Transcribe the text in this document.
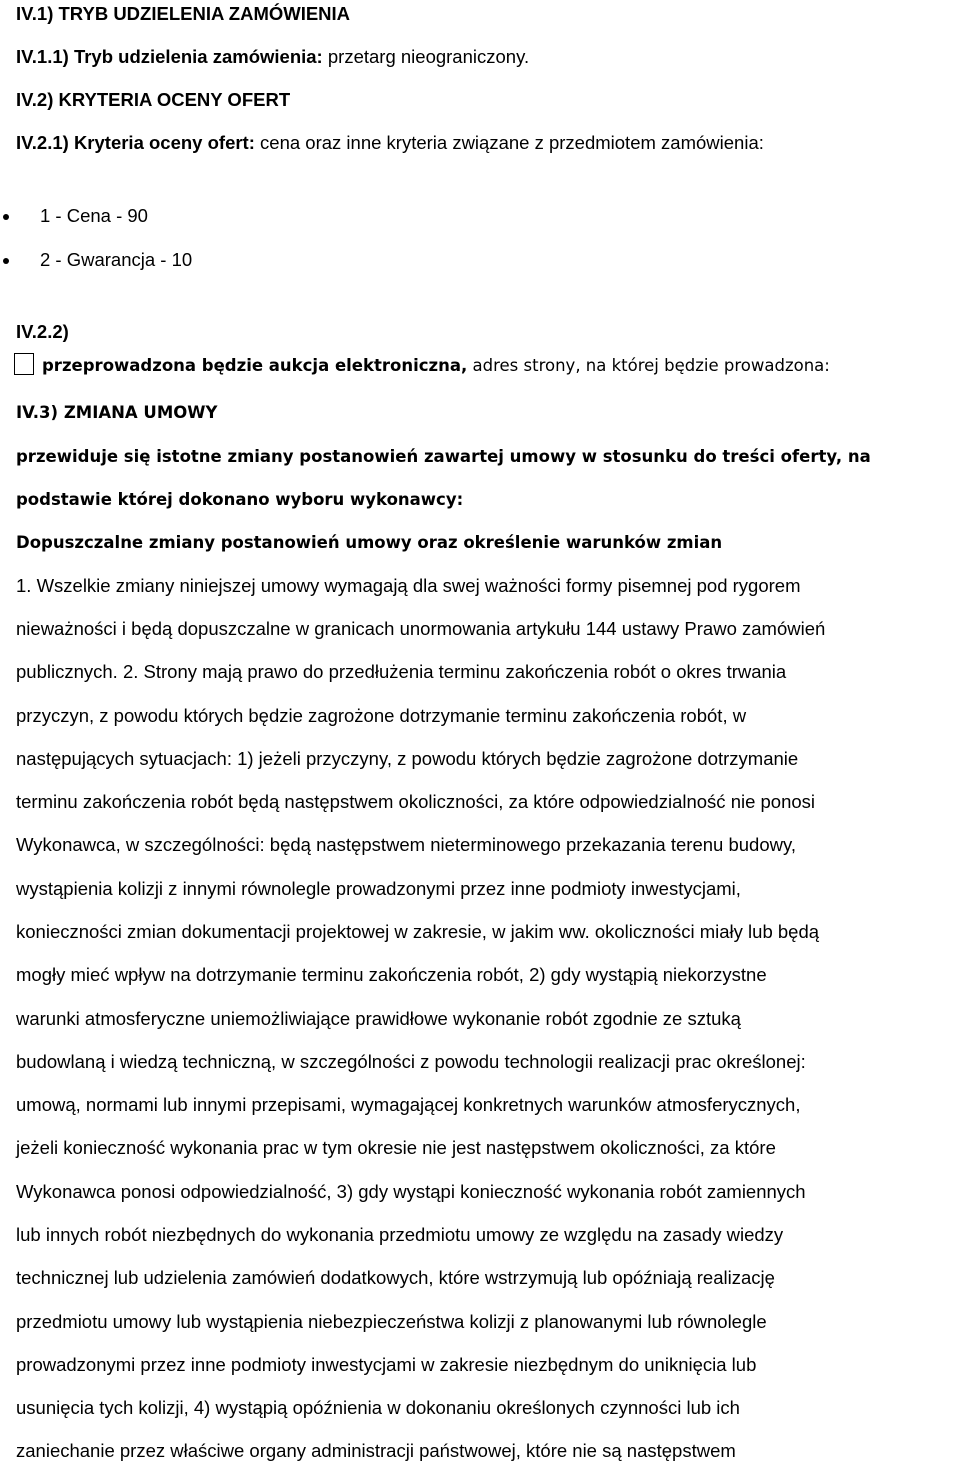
IV.1) TRYB UDZIELENIA ZAMÓWIENIA
IV.1.1) Tryb udzielenia zamówienia: przetarg nieograniczony.
IV.2) KRYTERIA OCENY OFERT
IV.2.1) Kryteria oceny ofert: cena oraz inne kryteria związane z przedmiotem zamówienia:
1 - Cena - 90
2 - Gwarancja - 10
IV.2.2)
przeprowadzona będzie aukcja elektroniczna, adres strony, na której będzie prowadzona:
IV.3) ZMIANA UMOWY
przewiduje się istotne zmiany postanowień zawartej umowy w stosunku do treści oferty, na
podstawie której dokonano wyboru wykonawcy:
Dopuszczalne zmiany postanowień umowy oraz określenie warunków zmian
1. Wszelkie zmiany niniejszej umowy wymagają dla swej ważności formy pisemnej pod rygorem
nieważności i będą dopuszczalne w granicach unormowania artykułu 144 ustawy Prawo zamówień
publicznych. 2. Strony mają prawo do przedłużenia terminu zakończenia robót o okres trwania
przyczyn, z powodu których będzie zagrożone dotrzymanie terminu zakończenia robót, w
następujących sytuacjach: 1) jeżeli przyczyny, z powodu których będzie zagrożone dotrzymanie
terminu zakończenia robót będą następstwem okoliczności, za które odpowiedzialność nie ponosi
Wykonawca, w szczególności: będą następstwem nieterminowego przekazania terenu budowy,
wystąpienia kolizji z innymi równolegle prowadzonymi przez inne podmioty inwestycjami,
konieczności zmian dokumentacji projektowej w zakresie, w jakim ww. okoliczności miały lub będą
mogły mieć wpływ na dotrzymanie terminu zakończenia robót, 2) gdy wystąpią niekorzystne
warunki atmosferyczne uniemożliwiające prawidłowe wykonanie robót zgodnie ze sztuką
budowlaną i wiedzą techniczną, w szczególności z powodu technologii realizacji prac określonej:
umową, normami lub innymi przepisami, wymagającej konkretnych warunków atmosferycznych,
jeżeli konieczność wykonania prac w tym okresie nie jest następstwem okoliczności, za które
Wykonawca ponosi odpowiedzialność, 3) gdy wystąpi konieczność wykonania robót zamiennych
lub innych robót niezbędnych do wykonania przedmiotu umowy ze względu na zasady wiedzy
technicznej lub udzielenia zamówień dodatkowych, które wstrzymują lub opóźniają realizację
przedmiotu umowy lub wystąpienia niebezpieczeństwa kolizji z planowanymi lub równolegle
prowadzonymi przez inne podmioty inwestycjami w zakresie niezbędnym do uniknięcia lub
usunięcia tych kolizji, 4) wystąpią opóźnienia w dokonaniu określonych czynności lub ich
zaniechanie przez właściwe organy administracji państwowej, które nie są następstwem
